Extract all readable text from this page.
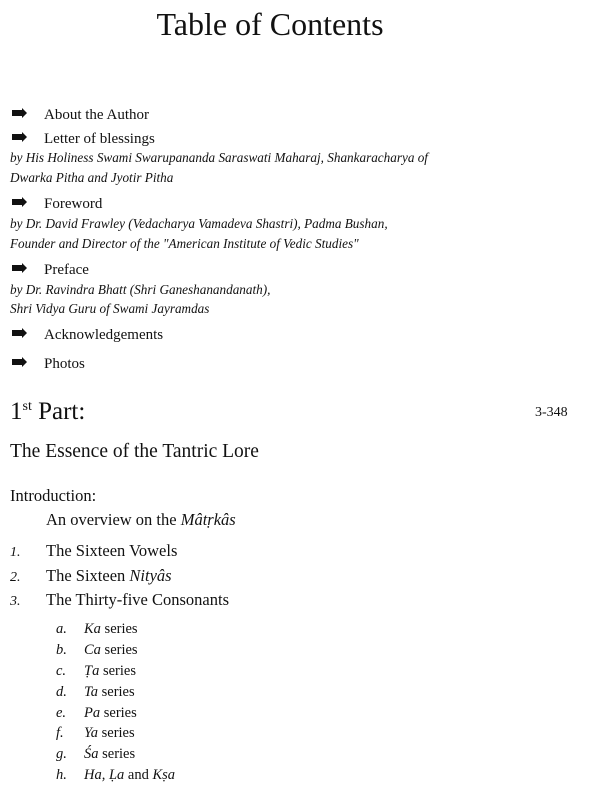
Table of Contents
About the Author
Letter of blessings
by His Holiness Swami Swarupananda Saraswati Maharaj, Shankaracharya of
Dwarka Pitha and Jyotir Pitha
Foreword
by Dr. David Frawley (Vedacharya Vamadeva Shastri), Padma Bushan,
Founder and Director of the "American Institute of Vedic Studies"
Preface
by Dr. Ravindra Bhatt (Shri Ganeshanandanath),
Shri Vidya Guru of Swami Jayramdas
Acknowledgements
Photos
1st Part:	3-348
The Essence of the Tantric Lore
Introduction:
An overview on the Mâtṛkâs
1. The Sixteen Vowels
2. The Sixteen Nityâs
3. The Thirty-five Consonants
a. Ka series
b. Ca series
c. Ṭa series
d. Ta series
e. Pa series
f. Ya series
g. Śa series
h. Ha, Ḷa and Kṣa
